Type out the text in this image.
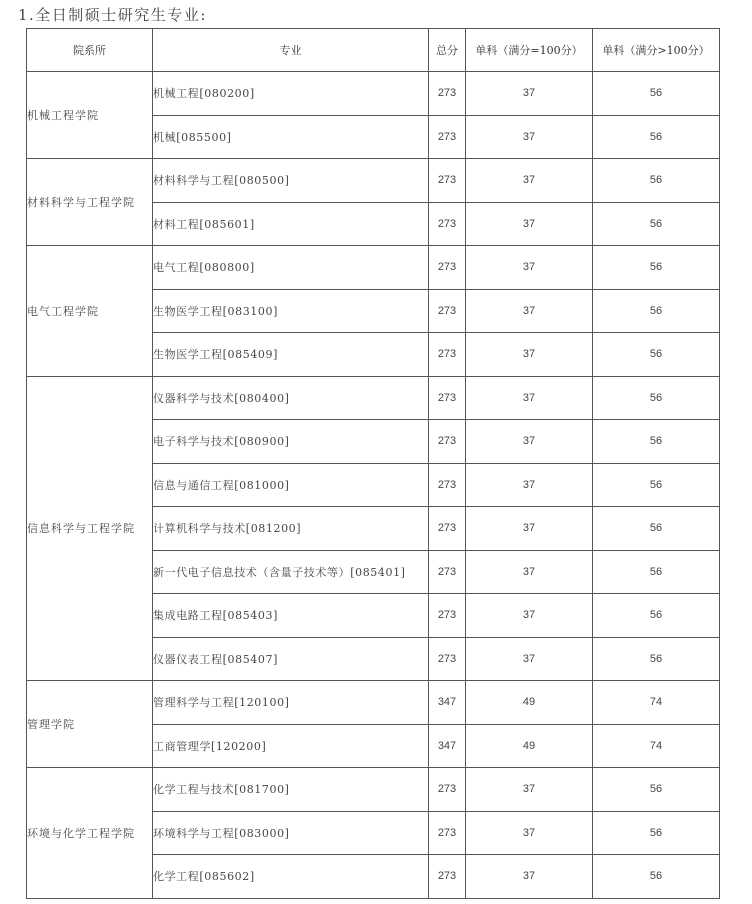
1.全日制硕士研究生专业:
院系所	专业	总分	单科（满分=100分）	单科（满分>100分）
机械工程学院	机械工程[080200]	273	37	56
	机械[085500]	273	37	56
材料科学与工程学院	材料科学与工程[080500]	273	37	56
	材料工程[085601]	273	37	56
电气工程学院	电气工程[080800]	273	37	56
	生物医学工程[083100]	273	37	56
	生物医学工程[085409]	273	37	56
信息科学与工程学院	仪器科学与技术[080400]	273	37	56
	电子科学与技术[080900]	273	37	56
	信息与通信工程[081000]	273	37	56
	计算机科学与技术[081200]	273	37	56
	新一代电子信息技术（含量子技术等）[085401]	273	37	56
	集成电路工程[085403]	273	37	56
	仪器仪表工程[085407]	273	37	56
管理学院	管理科学与工程[120100]	347	49	74
	工商管理学[120200]	347	49	74
环境与化学工程学院	化学工程与技术[081700]	273	37	56
	环境科学与工程[083000]	273	37	56
	化学工程[085602]	273	37	56
